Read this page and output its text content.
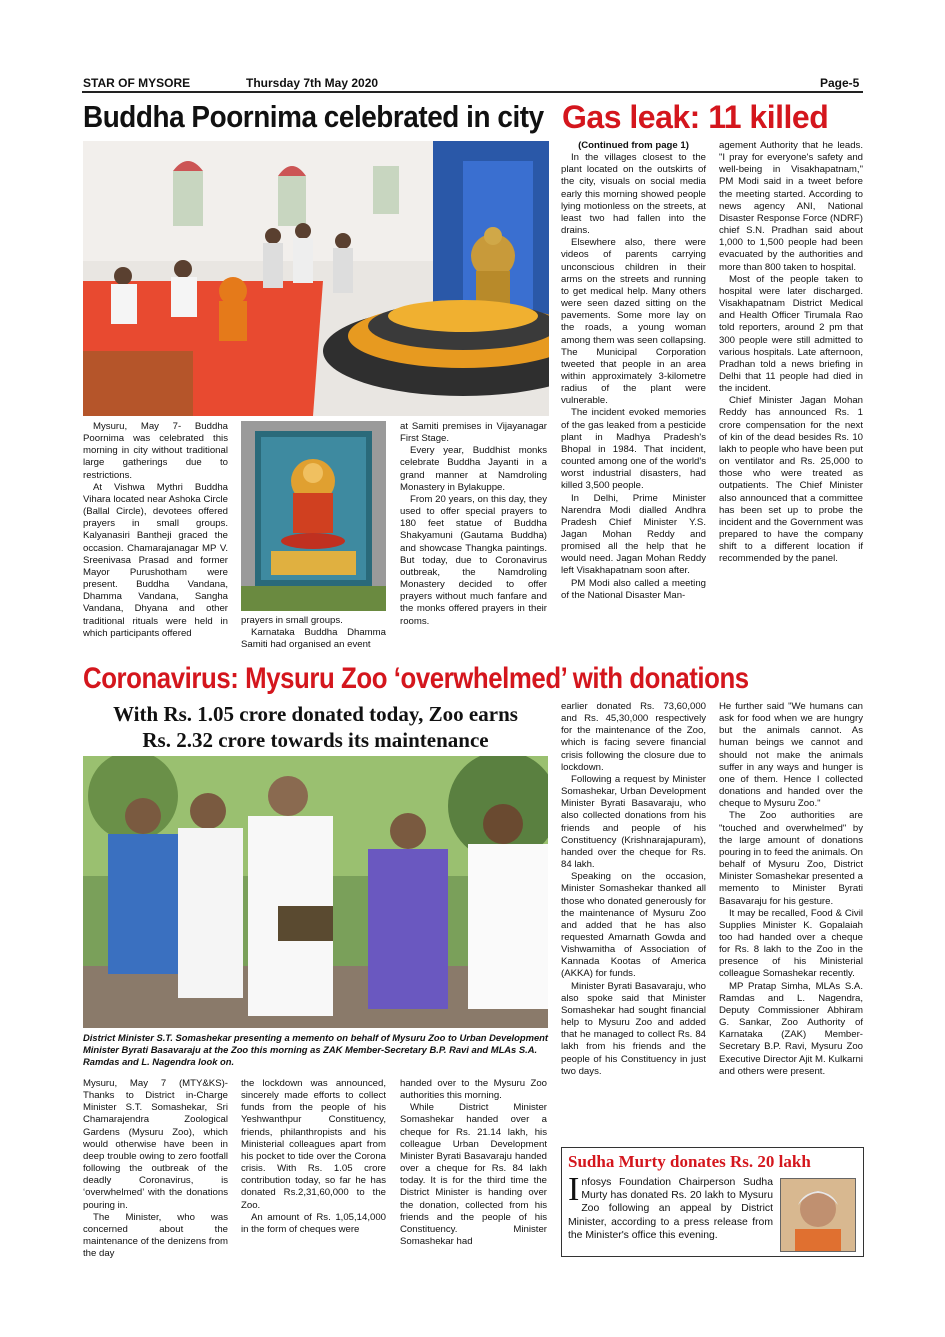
STAR OF MYSORE	Thursday 7th May 2020	Page-5
Buddha Poornima celebrated in city Gas leak: 11 killed

Mysuru, May 7- Buddha Poornima was celebrated this morning in city without traditional large gatherings due to restrictions.

At Vishwa Mythri Buddha Vihara located near Ashoka Circle (Ballal Circle), devotees offered prayers in small groups. Kalyanasiri Bantheji graced the occasion. Chamarajanagar MP V. Sreenivasa Prasad and former Mayor Purushotham were present. Buddha Vandana, Dhamma Vandana, Sangha Vandana, Dhyana and other traditional rituals were held in which participants offered

prayers in small groups.

Karnataka Buddha Dhamma Samiti had organised an event

at Samiti premises in Vijayanagar First Stage.

Every year, Buddhist monks celebrate Buddha Jayanti in a grand manner at Namdroling Monastery in Bylakuppe.

From 20 years, on this day, they used to offer special prayers to 180 feet statue of Buddha Shakyamuni (Gautama Buddha) and showcase Thangka paintings. But today, due to Coronavirus outbreak, the Namdroling Monastery decided to offer prayers without much fanfare and the monks offered prayers in their rooms.

(Continued from page 1)

In the villages closest to the plant located on the outskirts of the city, visuals on social media early this morning showed people lying motionless on the streets, at least two had fallen into the drains.

Elsewhere also, there were videos of parents carrying unconscious children in their arms on the streets and running to get medical help. Many others were seen dazed sitting on the pavements. Some more lay on the roads, a young woman among them was seen collapsing. The Municipal Corporation tweeted that people in an area within approximately 3-kilometre radius of the plant were vulnerable.

The incident evoked memories of the gas leaked from a pesticide plant in Madhya Pradesh's Bhopal in 1984. That incident, counted among one of the world's worst industrial disasters, had killed 3,500 people.

In Delhi, Prime Minister Narendra Modi dialled Andhra Pradesh Chief Minister Y.S. Jagan Mohan Reddy and promised all the help that he would need. Jagan Mohan Reddy left Visakhapatnam soon after.

PM Modi also called a meeting of the National Disaster Man-

agement Authority that he leads. "I pray for everyone's safety and well-being in Visakhapatnam," PM Modi said in a tweet before the meeting started. According to news agency ANI, National Disaster Response Force (NDRF) chief S.N. Pradhan said about 1,000 to 1,500 people had been evacuated by the authorities and more than 800 taken to hospital.

Most of the people taken to hospital were later discharged. Visakhapatnam District Medical and Health Officer Tirumala Rao told reporters, around 2 pm that 300 people were still admitted to various hospitals. Late afternoon, Pradhan told a news briefing in Delhi that 11 people had died in the incident.

Chief Minister Jagan Mohan Reddy has announced Rs. 1 crore compensation for the next of kin of the dead besides Rs. 10 lakh to people who have been put on ventilator and Rs. 25,000 to those who were treated as outpatients. The Chief Minister also announced that a committee has been set up to probe the incident and the Government was prepared to have the company shift to a different location if recommended by the panel.

Coronavirus: Mysuru Zoo ‘overwhelmed’ with donations
With Rs. 1.05 crore donated today, Zoo earns
Rs. 2.32 crore towards its maintenance
District Minister S.T. Somashekar presenting a memento on behalf of Mysuru Zoo to Urban Development Minister Byrati Basavaraju at the Zoo this morning as ZAK Member-Secretary B.P. Ravi and MLAs S.A. Ramdas and L. Nagendra look on.

Mysuru, May 7 (MTY&KS)- Thanks to District in-Charge Minister S.T. Somashekar, Sri Chamarajendra Zoological Gardens (Mysuru Zoo), which would otherwise have been in deep trouble owing to zero footfall following the outbreak of the deadly Coronavirus, is ‘overwhelmed’ with the donations pouring in.

The Minister, who was concerned about the maintenance of the denizens from the day

the lockdown was announced, sincerely made efforts to collect funds from the people of his Yeshwanthpur Constituency, friends, philanthropists and his Ministerial colleagues apart from his pocket to tide over the Corona crisis. With Rs. 1.05 crore contribution today, so far he has donated Rs.2,31,60,000 to the Zoo.

An amount of Rs. 1,05,14,000 in the form of cheques were

handed over to the Mysuru Zoo authorities this morning.

While District Minister Somashekar handed over a cheque for Rs. 21.14 lakh, his colleague Urban Development Minister Byrati Basavaraju handed over a cheque for Rs. 84 lakh today. It is for the third time the District Minister is handing over the donation, collected from his friends and the people of his Constituency. Minister Somashekar had

earlier donated Rs. 73,60,000 and Rs. 45,30,000 respectively for the maintenance of the Zoo, which is facing severe financial crisis following the closure due to lockdown.

Following a request by Minister Somashekar, Urban Development Minister Byrati Basavaraju, who also collected donations from his friends and people of his Constituency (Krishnarajapuram), handed over the cheque for Rs. 84 lakh.

Speaking on the occasion, Minister Somashekar thanked all those who donated generously for the maintenance of Mysuru Zoo and added that he has also requested Amarnath Gowda and Vishwamitha of Association of Kannada Kootas of America (AKKA) for funds.

Minister Byrati Basavaraju, who also spoke said that Minister Somashekar had sought financial help to Mysuru Zoo and added that he managed to collect Rs. 84 lakh from his friends and the people of his Constituency in just two days.

He further said "We humans can ask for food when we are hungry but the animals cannot. As human beings we cannot and should not make the animals suffer in any ways and hunger is one of them. Hence I collected donations and handed over the cheque to Mysuru Zoo."

The Zoo authorities are "touched and overwhelmed" by the large amount of donations pouring in to feed the animals. On behalf of Mysuru Zoo, District Minister Somashekar presented a memento to Minister Byrati Basavaraju for his gesture.

It may be recalled, Food & Civil Supplies Minister K. Gopalaiah too had handed over a cheque for Rs. 8 lakh to the Zoo in the presence of his Ministerial colleague Somashekar recently.

MP Pratap Simha, MLAs S.A. Ramdas and L. Nagendra, Deputy Commissioner Abhiram G. Sankar, Zoo Authority of Karnataka (ZAK) Member-Secretary B.P. Ravi, Mysuru Zoo Executive Director Ajit M. Kulkarni and others were present.

Sudha Murty donates Rs. 20 lakh
Infosys Foundation Chairperson Sudha Murty has donated Rs. 20 lakh to Mysuru Zoo following an appeal by District Minister, according to a press release from the Minister's office this evening.
